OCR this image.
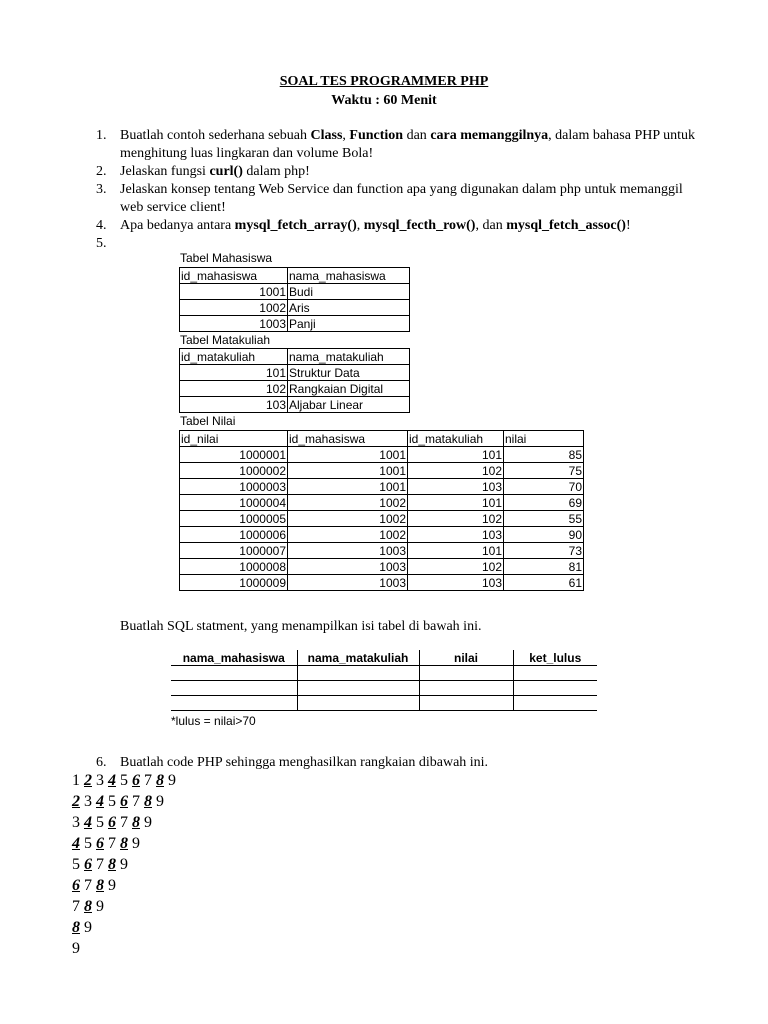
SOAL TES PROGRAMMER PHP
Waktu : 60 Menit
1. Buatlah contoh sederhana sebuah Class, Function dan cara memanggilnya, dalam bahasa PHP untuk menghitung luas lingkaran dan volume Bola!
2. Jelaskan fungsi curl() dalam php!
3. Jelaskan konsep tentang Web Service dan function apa yang digunakan dalam php untuk memanggil web service client!
4. Apa bedanya antara mysql_fetch_array(), mysql_fecth_row(), dan mysql_fetch_assoc()!
5.
Tabel Mahasiswa
id_mahasiswa	nama_mahasiswa
1001	Budi
1002	Aris
1003	Panji
Tabel Matakuliah
id_matakuliah	nama_matakuliah
101	Struktur Data
102	Rangkaian Digital
103	Aljabar Linear
Tabel Nilai
id_nilai	id_mahasiswa	id_matakuliah	nilai
1000001	1001	101	85
1000002	1001	102	75
1000003	1001	103	70
1000004	1002	101	69
1000005	1002	102	55
1000006	1002	103	90
1000007	1003	101	73
1000008	1003	102	81
1000009	1003	103	61
Buatlah SQL statment, yang menampilkan isi tabel di bawah ini.
nama_mahasiswa	nama_matakuliah	nilai	ket_lulus

*lulus = nilai>70
6. Buatlah code PHP sehingga menghasilkan rangkaian dibawah ini.
1 2 3 4 5 6 7 8 9
2 3 4 5 6 7 8 9
3 4 5 6 7 8 9
4 5 6 7 8 9
5 6 7 8 9
6 7 8 9
7 8 9
8 9
9
